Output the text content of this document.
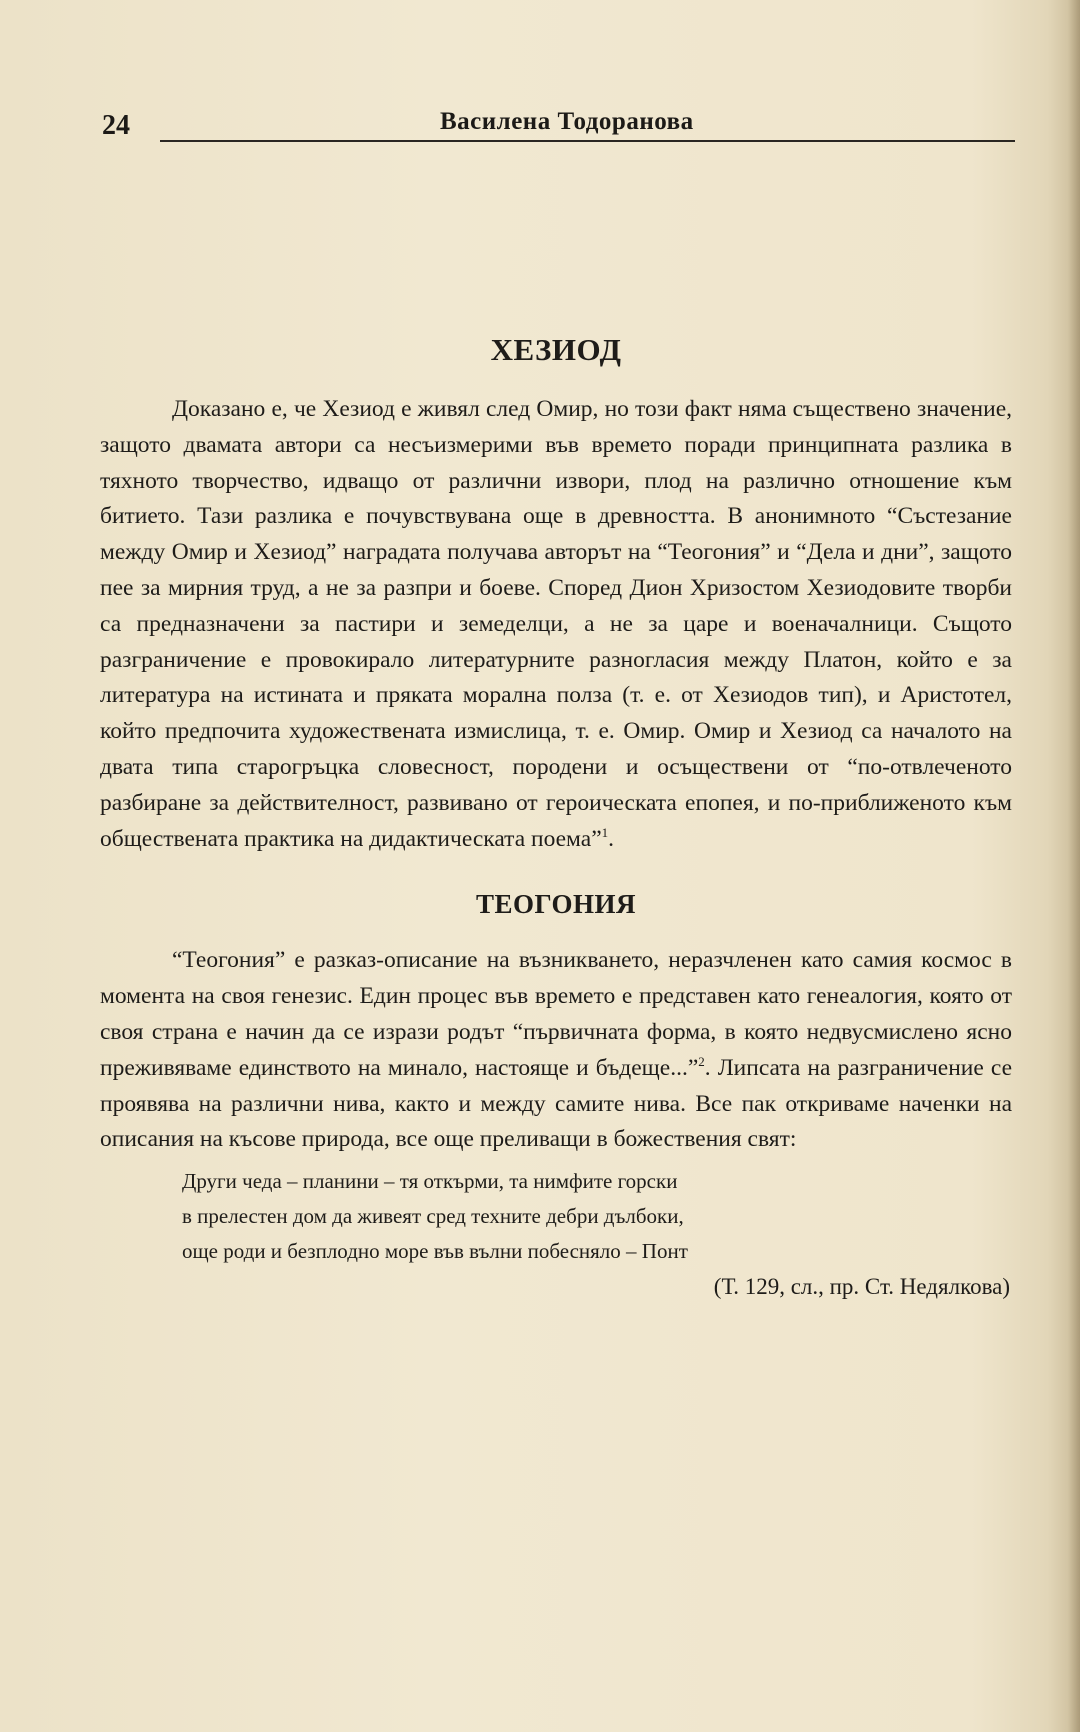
24	Василена Тодоранова
ХЕЗИОД

Доказано е, че Хезиод е живял след Омир, но този факт няма съществено значение, защото двамата автори са несъизмерими във времето поради принципната разлика в тяхното творчество, идващо от различни извори, плод на различно отношение към битието. Тази разлика е почувствувана още в древността. В анонимното “Състезание между Омир и Хезиод” наградата получава авторът на “Теогония” и “Дела и дни”, защото пее за мирния труд, а не за разпри и боеве. Според Дион Хризостом Хезиодовите творби са предназначени за пастири и земеделци, а не за царе и военачалници. Същото разграничение е провокирало литературните разногласия между Платон, който е за литература на истината и прякатa морална полза (т. е. от Хезиодов тип), и Аристотел, който предпочита художествената измислица, т. е. Омир. Омир и Хезиод са началото на двата типа старогръцка словесност, породени и осъществени от “по-отвлечeното разбиране за действителност, развивано от героическата епопея, и по-приближеното към обществената практика на дидактическата поема”$^1$.

ТЕОГОНИЯ

“Теогония” е разказ-описание на възникването, неразчленен като самия космос в момента на своя генезис. Един процес във времето е представен като генеалогия, която от своя страна е начин да се изрази родът “първичната форма, в която недвусмислено ясно преживяваме единството на минало, настояще и бъдеще...”$^2$. Липсата на разграничение се проявява на различни нива, както и между самите нива. Все пак откриваме наченки на описания на късове природа, все още преливащи в божествения свят:

Други чеда – планини – тя откърми, та нимфите горски
в прелестен дом да живеят сред техните дебри дълбоки,
още роди и безплодно море във вълни побесняло – Понт
(Т. 129, сл., пр. Ст. Недялкова)
